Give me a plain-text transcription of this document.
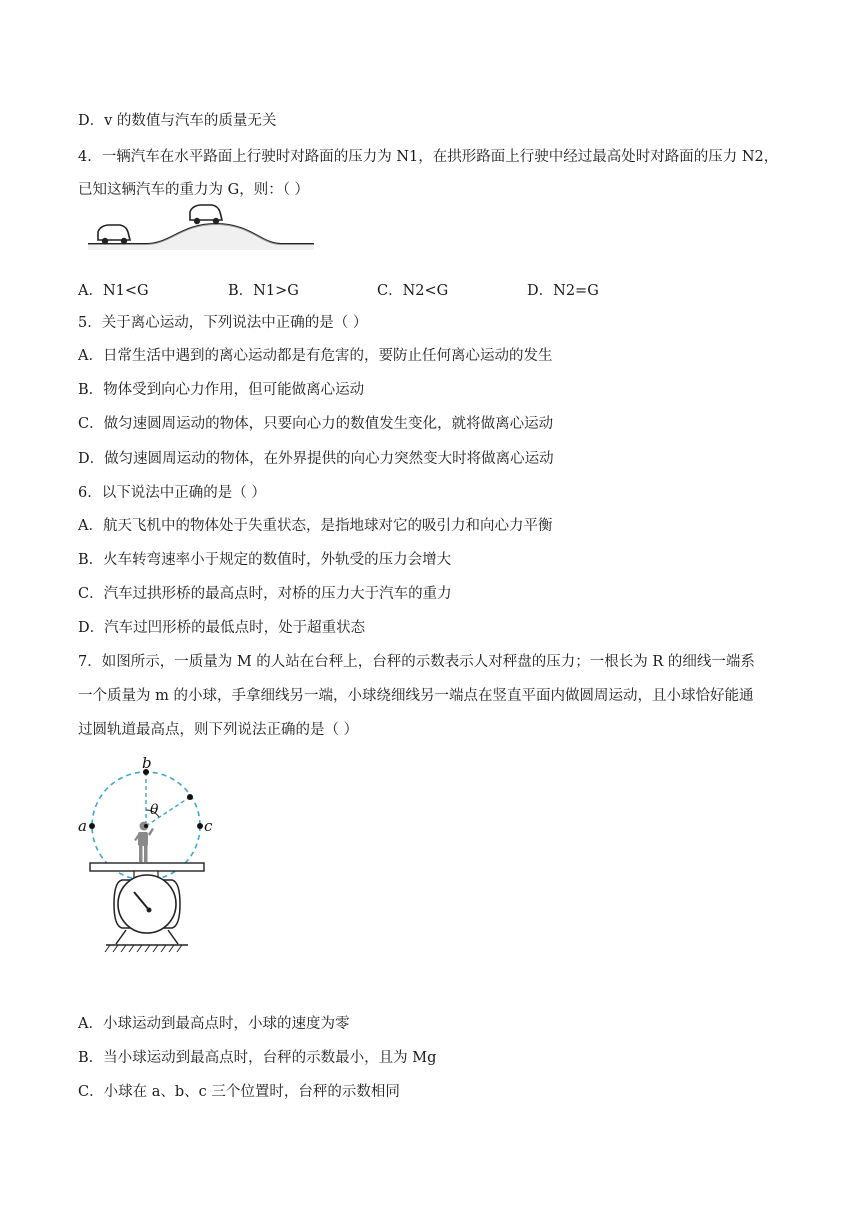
D．v 的数值与汽车的质量无关
4．一辆汽车在水平路面上行驶时对路面的压力为 N1，在拱形路面上行驶中经过最高处时对路面的压力 N2，
已知这辆汽车的重力为 G，则：（ ）
A．N1<G	B．N1>G	C．N2<G	D．N2=G
5．关于离心运动，下列说法中正确的是（ ）
A．日常生活中遇到的离心运动都是有危害的，要防止任何离心运动的发生
B．物体受到向心力作用，但可能做离心运动
C．做匀速圆周运动的物体，只要向心力的数值发生变化，就将做离心运动
D．做匀速圆周运动的物体，在外界提供的向心力突然变大时将做离心运动
6．以下说法中正确的是（ ）
A．航天飞机中的物体处于失重状态，是指地球对它的吸引力和向心力平衡
B．火车转弯速率小于规定的数值时，外轨受的压力会增大
C．汽车过拱形桥的最高点时，对桥的压力大于汽车的重力
D．汽车过凹形桥的最低点时，处于超重状态
7．如图所示，一质量为 M 的人站在台秤上，台秤的示数表示人对秤盘的压力；一根长为 R 的细线一端系
一个质量为 m 的小球，手拿细线另一端，小球绕细线另一端点在竖直平面内做圆周运动，且小球恰好能通
过圆轨道最高点，则下列说法正确的是（ ）
b
a	c
θ
A．小球运动到最高点时，小球的速度为零
B．当小球运动到最高点时，台秤的示数最小，且为 Mg
C．小球在 a、b、c 三个位置时，台秤的示数相同
